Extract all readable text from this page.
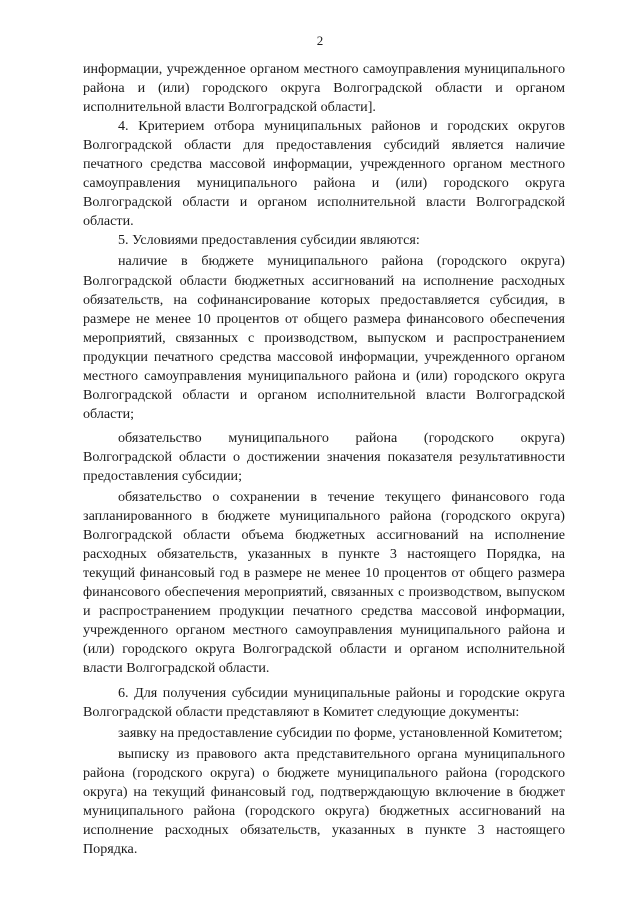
2

информации, учрежденное органом местного самоуправления муниципального района и (или) городского округа Волгоградской области и органом исполнительной власти Волгоградской области].

4. Критерием отбора муниципальных районов и городских округов Волгоградской области для предоставления субсидий является наличие печатного средства массовой информации, учрежденного органом местного самоуправления муниципального района и (или) городского округа Волгоградской области и органом исполнительной власти Волгоградской области.

5. Условиями предоставления субсидии являются:

наличие в бюджете муниципального района (городского округа) Волгоградской области бюджетных ассигнований на исполнение расходных обязательств, на софинансирование которых предоставляется субсидия, в размере не менее 10 процентов от общего размера финансового обеспечения мероприятий, связанных с производством, выпуском и распространением продукции печатного средства массовой информации, учрежденного органом местного самоуправления муниципального района и (или) городского округа Волгоградской области и органом исполнительной власти Волгоградской области;

обязательство муниципального района (городского округа) Волгоградской области о достижении значения показателя результативности предоставления субсидии;

обязательство о сохранении в течение текущего финансового года запланированного в бюджете муниципального района (городского округа) Волгоградской области объема бюджетных ассигнований на исполнение расходных обязательств, указанных в пункте 3 настоящего Порядка, на текущий финансовый год в размере не менее 10 процентов от общего размера финансового обеспечения мероприятий, связанных с производством, выпуском и распространением продукции печатного средства массовой информации, учрежденного органом местного самоуправления муниципального района и (или) городского округа Волгоградской области и органом исполнительной власти Волгоградской области.

6. Для получения субсидии муниципальные районы и городские округа Волгоградской области представляют в Комитет следующие документы:

заявку на предоставление субсидии по форме, установленной Комитетом;

выписку из правового акта представительного органа муниципального района (городского округа) о бюджете муниципального района (городского округа) на текущий финансовый год, подтверждающую включение в бюджет муниципального района (городского округа) бюджетных ассигнований на исполнение расходных обязательств, указанных в пункте 3 настоящего Порядка.
